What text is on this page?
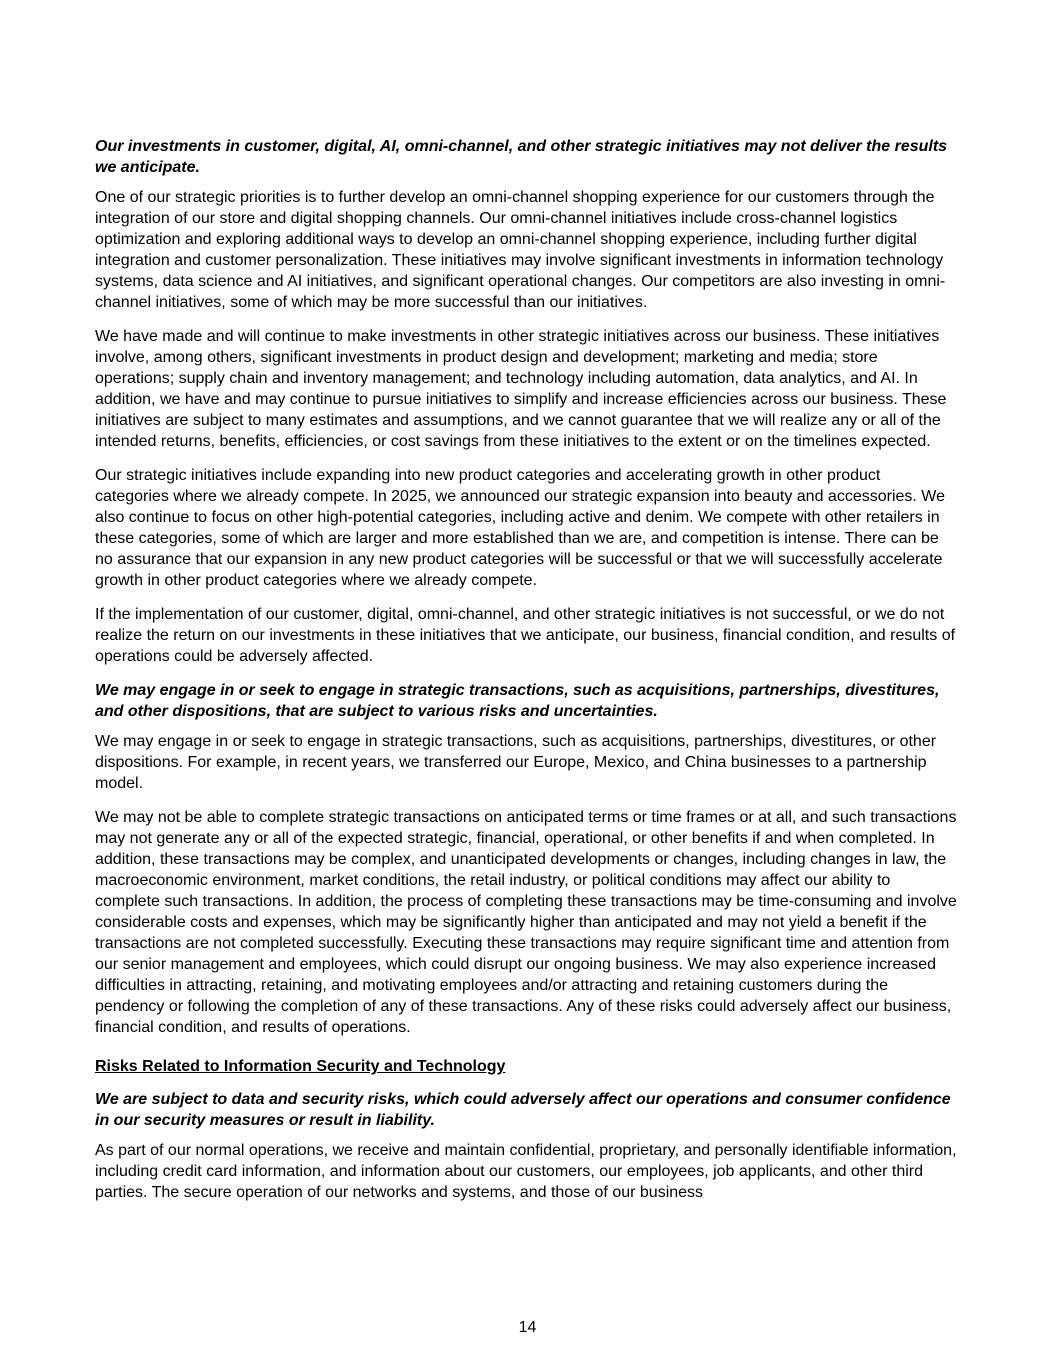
Our investments in customer, digital, AI, omni-channel, and other strategic initiatives may not deliver the results we anticipate.

One of our strategic priorities is to further develop an omni-channel shopping experience for our customers through the integration of our store and digital shopping channels. Our omni-channel initiatives include cross-channel logistics optimization and exploring additional ways to develop an omni-channel shopping experience, including further digital integration and customer personalization. These initiatives may involve significant investments in information technology systems, data science and AI initiatives, and significant operational changes. Our competitors are also investing in omni-channel initiatives, some of which may be more successful than our initiatives.

We have made and will continue to make investments in other strategic initiatives across our business. These initiatives involve, among others, significant investments in product design and development; marketing and media; store operations; supply chain and inventory management; and technology including automation, data analytics, and AI. In addition, we have and may continue to pursue initiatives to simplify and increase efficiencies across our business. These initiatives are subject to many estimates and assumptions, and we cannot guarantee that we will realize any or all of the intended returns, benefits, efficiencies, or cost savings from these initiatives to the extent or on the timelines expected.

Our strategic initiatives include expanding into new product categories and accelerating growth in other product categories where we already compete. In 2025, we announced our strategic expansion into beauty and accessories. We also continue to focus on other high-potential categories, including active and denim. We compete with other retailers in these categories, some of which are larger and more established than we are, and competition is intense. There can be no assurance that our expansion in any new product categories will be successful or that we will successfully accelerate growth in other product categories where we already compete.

If the implementation of our customer, digital, omni-channel, and other strategic initiatives is not successful, or we do not realize the return on our investments in these initiatives that we anticipate, our business, financial condition, and results of operations could be adversely affected.

We may engage in or seek to engage in strategic transactions, such as acquisitions, partnerships, divestitures, and other dispositions, that are subject to various risks and uncertainties.

We may engage in or seek to engage in strategic transactions, such as acquisitions, partnerships, divestitures, or other dispositions. For example, in recent years, we transferred our Europe, Mexico, and China businesses to a partnership model.

We may not be able to complete strategic transactions on anticipated terms or time frames or at all, and such transactions may not generate any or all of the expected strategic, financial, operational, or other benefits if and when completed. In addition, these transactions may be complex, and unanticipated developments or changes, including changes in law, the macroeconomic environment, market conditions, the retail industry, or political conditions may affect our ability to complete such transactions. In addition, the process of completing these transactions may be time-consuming and involve considerable costs and expenses, which may be significantly higher than anticipated and may not yield a benefit if the transactions are not completed successfully. Executing these transactions may require significant time and attention from our senior management and employees, which could disrupt our ongoing business. We may also experience increased difficulties in attracting, retaining, and motivating employees and/or attracting and retaining customers during the pendency or following the completion of any of these transactions. Any of these risks could adversely affect our business, financial condition, and results of operations.

Risks Related to Information Security and Technology

We are subject to data and security risks, which could adversely affect our operations and consumer confidence in our security measures or result in liability.

As part of our normal operations, we receive and maintain confidential, proprietary, and personally identifiable information, including credit card information, and information about our customers, our employees, job applicants, and other third parties. The secure operation of our networks and systems, and those of our business

14
